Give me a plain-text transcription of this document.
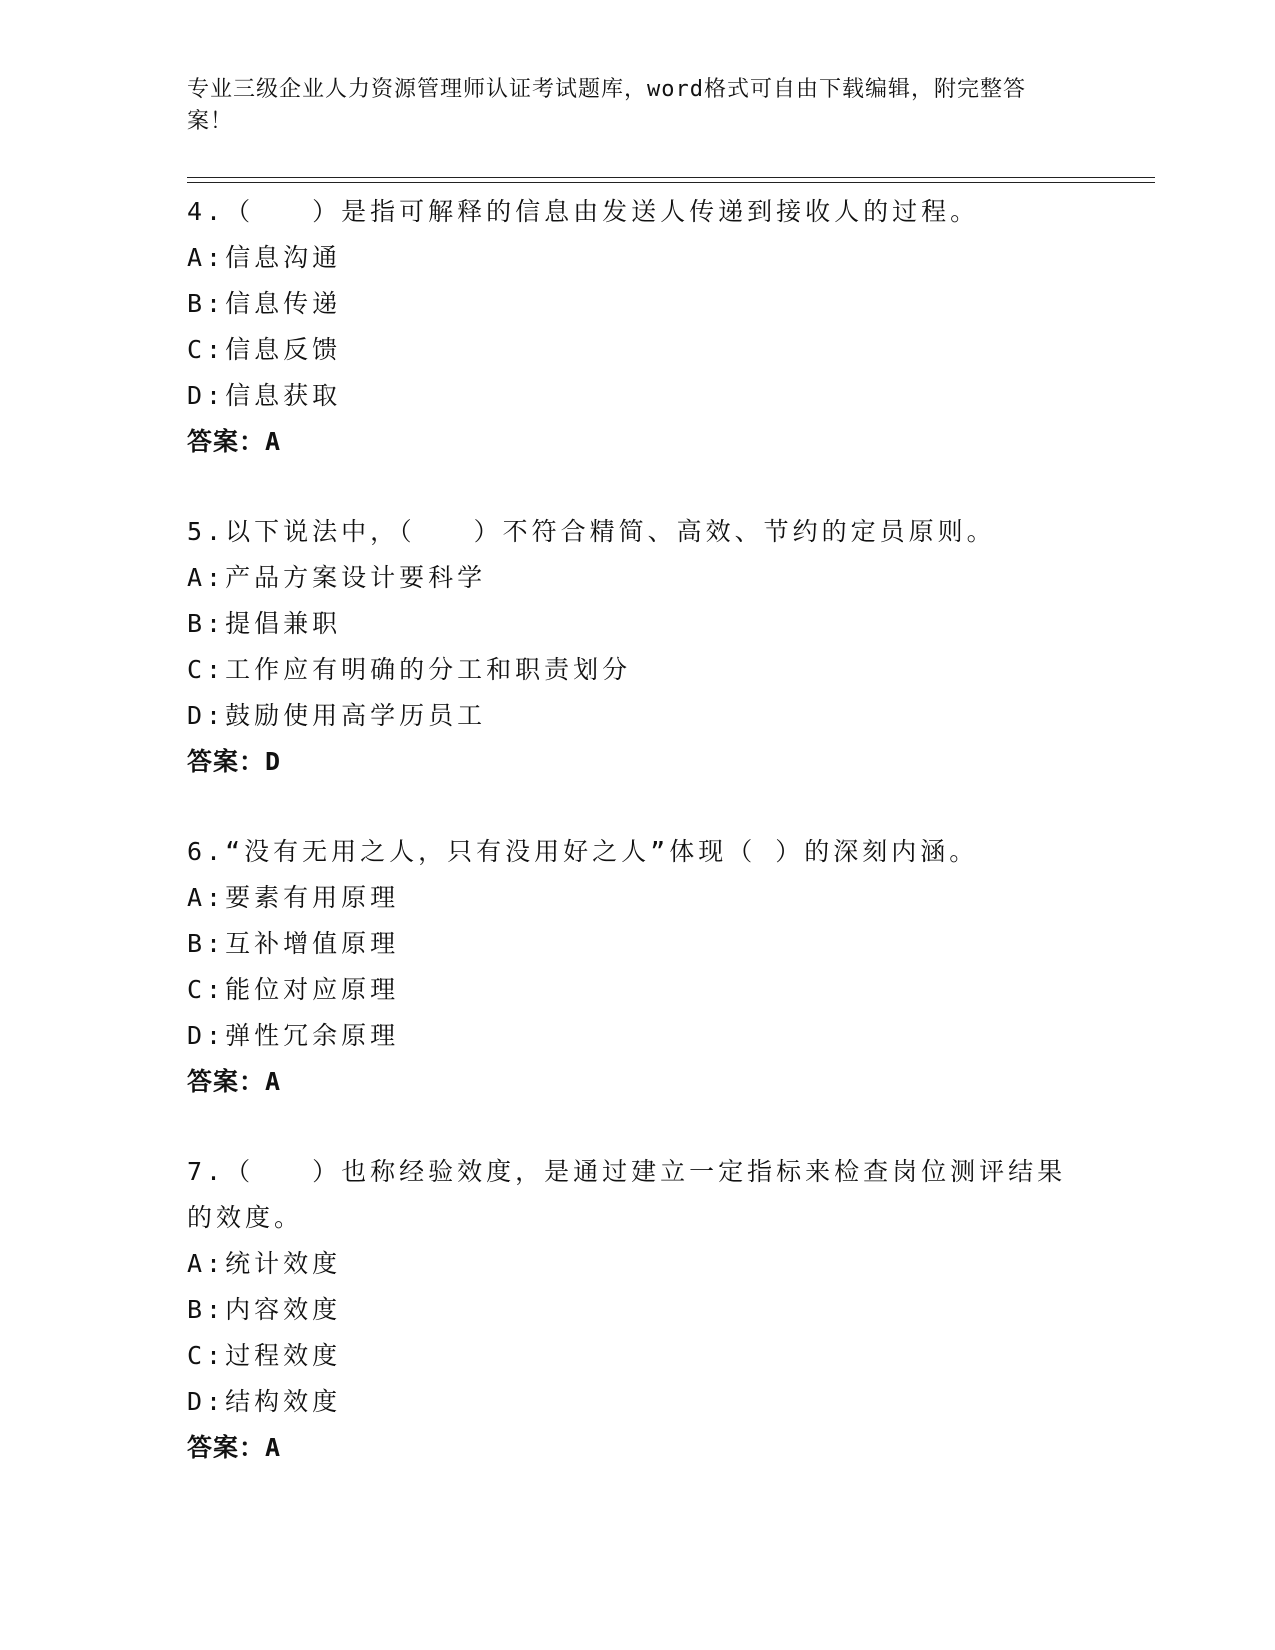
专业三级企业人力资源管理师认证考试题库，word格式可自由下载编辑，附完整答案！
4.（　　）是指可解释的信息由发送人传递到接收人的过程。
A:信息沟通
B:信息传递
C:信息反馈
D:信息获取
答案：A
5.以下说法中，（　　）不符合精简、高效、节约的定员原则。
A:产品方案设计要科学
B:提倡兼职
C:工作应有明确的分工和职责划分
D:鼓励使用高学历员工
答案：D
6.“没有无用之人，只有没用好之人”体现（ ）的深刻内涵。
A:要素有用原理
B:互补增值原理
C:能位对应原理
D:弹性冗余原理
答案：A
7.（　　）也称经验效度，是通过建立一定指标来检查岗位测评结果的效度。
A:统计效度
B:内容效度
C:过程效度
D:结构效度
答案：A
